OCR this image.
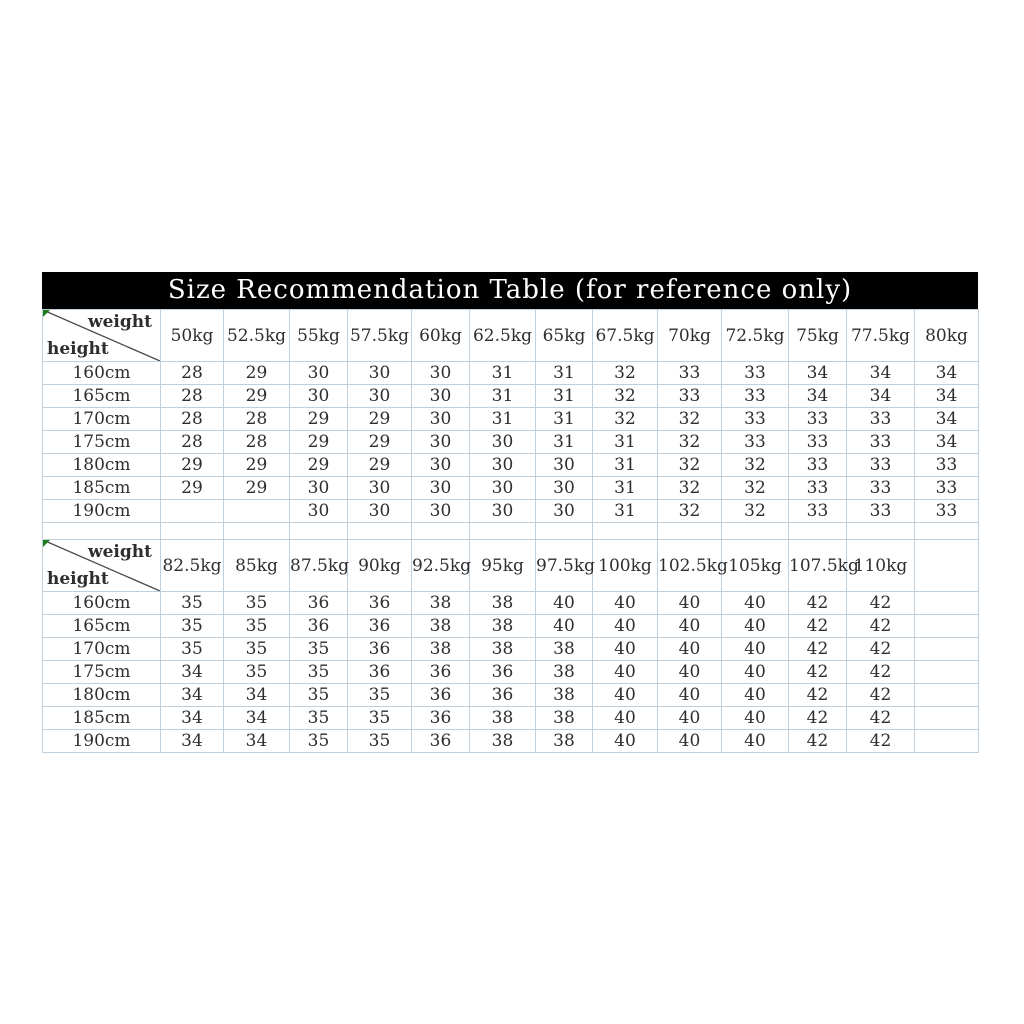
Size Recommendation Table (for reference only)
weight
height	50kg	52.5kg	55kg	57.5kg	60kg	62.5kg	65kg	67.5kg	70kg	72.5kg	75kg	77.5kg	80kg
160cm	28	29	30	30	30	31	31	32	33	33	34	34	34
165cm	28	29	30	30	30	31	31	32	33	33	34	34	34
170cm	28	28	29	29	30	31	31	32	32	33	33	33	34
175cm	28	28	29	29	30	30	31	31	32	33	33	33	34
180cm	29	29	29	29	30	30	30	31	32	32	33	33	33
185cm	29	29	30	30	30	30	30	31	32	32	33	33	33
190cm			30	30	30	30	30	31	32	32	33	33	33

weight
height	82.5kg	85kg	87.5kg	90kg	92.5kg	95kg	97.5kg	100kg	102.5kg	105kg	107.5kg	110kg	
160cm	35	35	36	36	38	38	40	40	40	40	42	42	
165cm	35	35	36	36	38	38	40	40	40	40	42	42	
170cm	35	35	35	36	38	38	38	40	40	40	42	42	
175cm	34	35	35	36	36	36	38	40	40	40	42	42	
180cm	34	34	35	35	36	36	38	40	40	40	42	42	
185cm	34	34	35	35	36	38	38	40	40	40	42	42	
190cm	34	34	35	35	36	38	38	40	40	40	42	42	
